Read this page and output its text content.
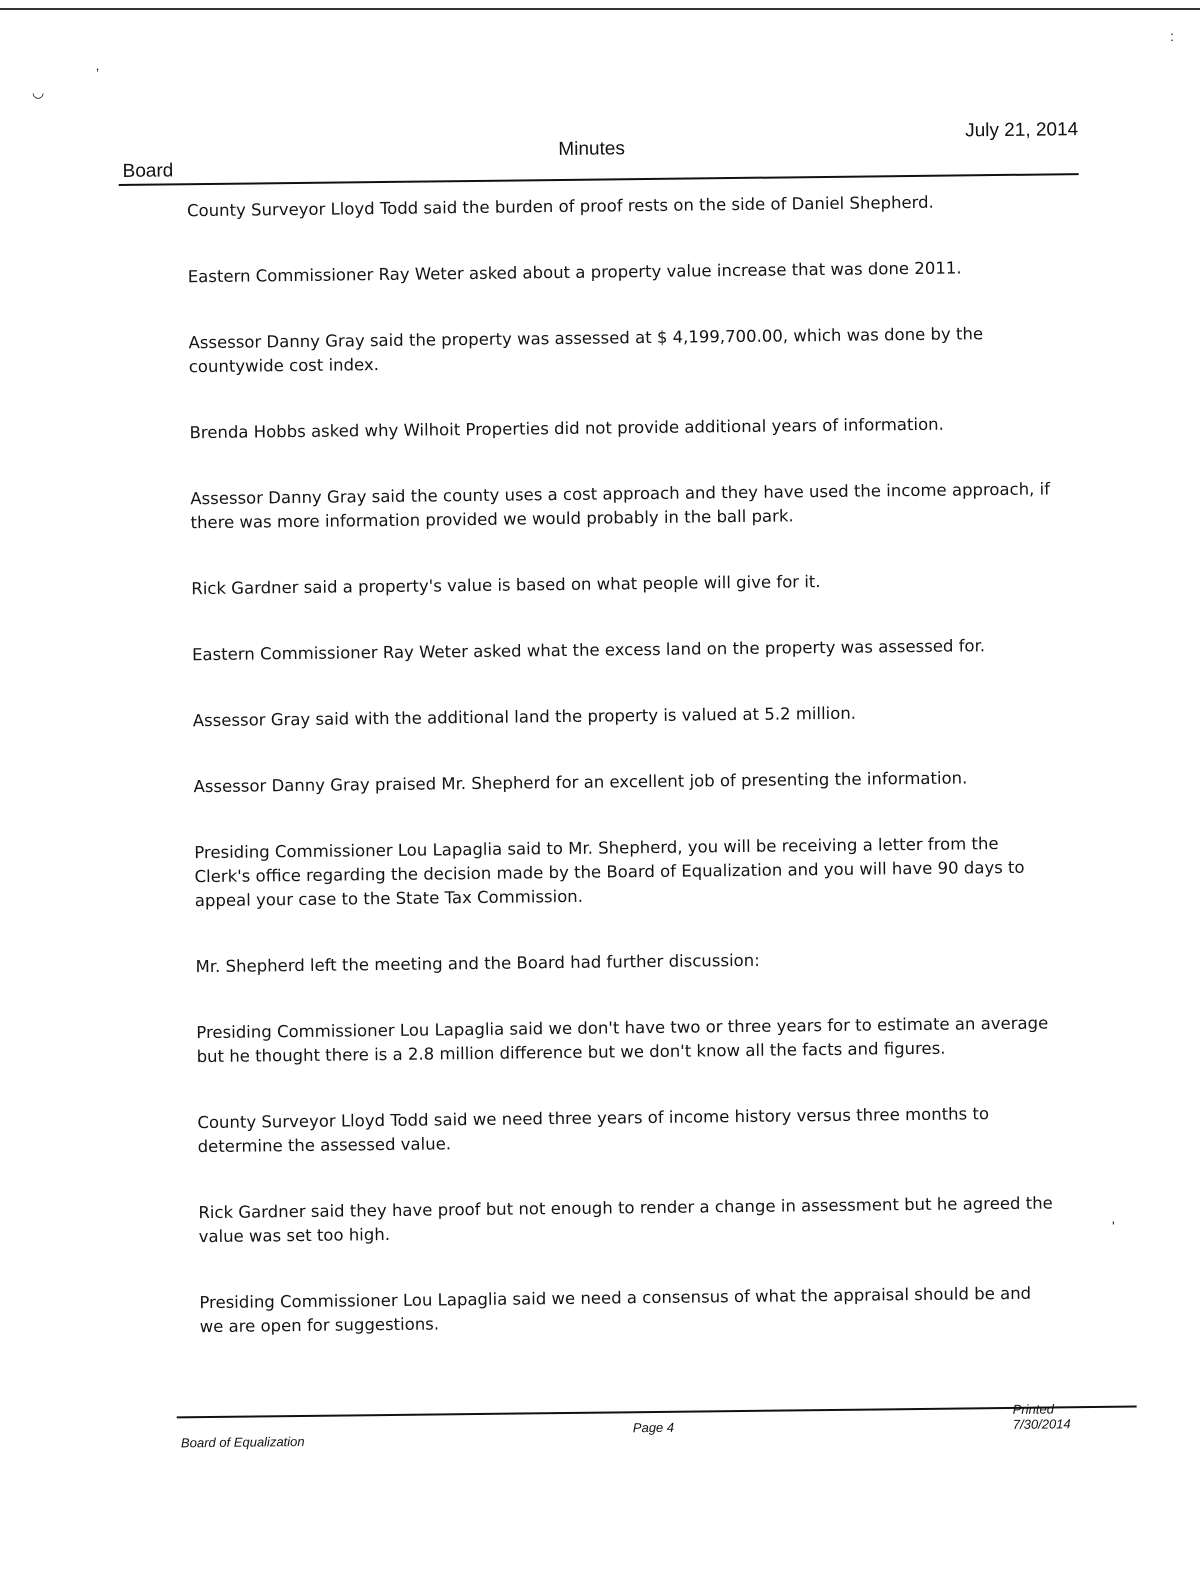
:
ʼ
◡
ʹ
Board
Minutes
July 21, 2014

County Surveyor Lloyd Todd said the burden of proof rests on the side of Daniel Shepherd.

Eastern Commissioner Ray Weter asked about a property value increase that was done 2011.

Assessor Danny Gray said the property was assessed at $ 4,199,700.00, which was done by the countywide cost index.

Brenda Hobbs asked why Wilhoit Properties did not provide additional years of information.

Assessor Danny Gray said the county uses a cost approach and they have used the income approach, if there was more information provided we would probably in the ball park.

Rick Gardner said a property's value is based on what people will give for it.

Eastern Commissioner Ray Weter asked what the excess land on the property was assessed for.

Assessor Gray said with the additional land the property is valued at 5.2 million.

Assessor Danny Gray praised Mr. Shepherd for an excellent job of presenting the information.

Presiding Commissioner Lou Lapaglia said to Mr. Shepherd, you will be receiving a letter from the Clerk's office regarding the decision made by the Board of Equalization and you will have 90 days to appeal your case to the State Tax Commission.

Mr. Shepherd left the meeting and the Board had further discussion:

Presiding Commissioner Lou Lapaglia said we don't have two or three years for to estimate an average but he thought there is a 2.8 million difference but we don't know all the facts and figures.

County Surveyor Lloyd Todd said we need three years of income history versus three months to determine the assessed value.

Rick Gardner said they have proof but not enough to render a change in assessment but he agreed the value was set too high.

Presiding Commissioner Lou Lapaglia said we need a consensus of what the appraisal should be and we are open for suggestions.

Board of Equalization
Page 4
Printed 7/30/2014
